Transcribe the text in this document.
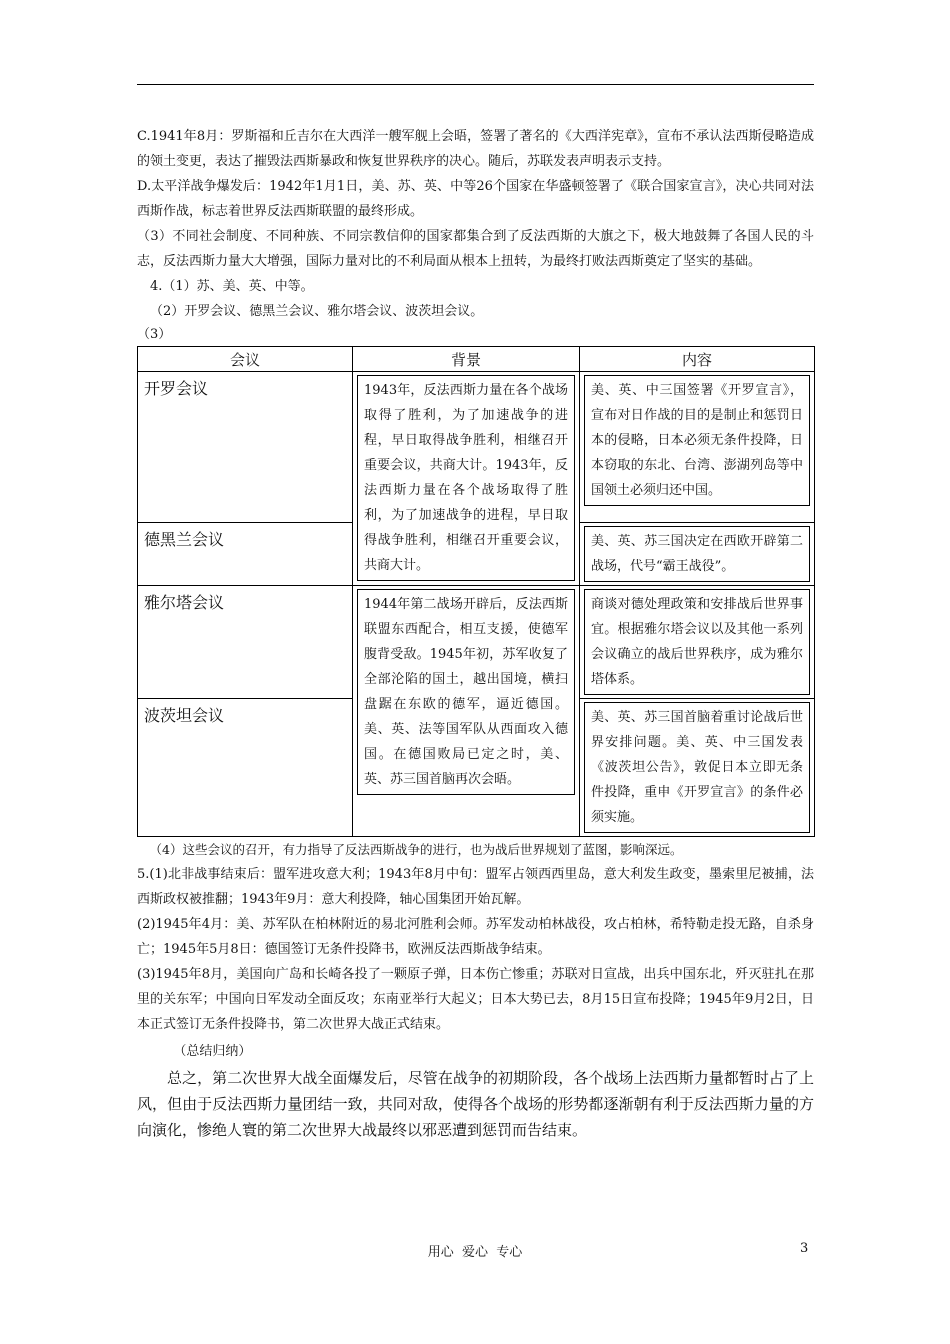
C.1941年8月：罗斯福和丘吉尔在大西洋一艘军舰上会晤，签署了著名的《大西洋宪章》，宣布不承认法西斯侵略造成的领土变更，表达了摧毁法西斯暴政和恢复世界秩序的决心。随后，苏联发表声明表示支持。

D.太平洋战争爆发后：1942年1月1日，美、苏、英、中等26个国家在华盛顿签署了《联合国家宣言》，决心共同对法西斯作战，标志着世界反法西斯联盟的最终形成。

（3）不同社会制度、不同种族、不同宗教信仰的国家都集合到了反法西斯的大旗之下，极大地鼓舞了各国人民的斗志，反法西斯力量大大增强，国际力量对比的不利局面从根本上扭转，为最终打败法西斯奠定了坚实的基础。

4.（1）苏、美、英、中等。

（2）开罗会议、德黑兰会议、雅尔塔会议、波茨坦会议。

（3）

会议	背景	内容
开罗会议	1943年，反法西斯力量在各个战场取得了胜利，为了加速战争的进程，早日取得战争胜利，相继召开重要会议，共商大计。1943年，反法西斯力量在各个战场取得了胜利，为了加速战争的进程，早日取得战争胜利，相继召开重要会议，共商大计。	美、英、中三国签署《开罗宣言》，宣布对日作战的目的是制止和惩罚日本的侵略，日本必须无条件投降，日本窃取的东北、台湾、澎湖列岛等中国领土必须归还中国。

德黑兰会议		美、英、苏三国决定在西欧开辟第二战场，代号“霸王战役”。

雅尔塔会议	1944年第二战场开辟后，反法西斯联盟东西配合，相互支援，使德军腹背受敌。1945年初，苏军收复了全部沦陷的国土，越出国境，横扫盘踞在东欧的德军，逼近德国。美、英、法等国军队从西面攻入德国。在德国败局已定之时，美、英、苏三国首脑再次会晤。	商谈对德处理政策和安排战后世界事宜。根据雅尔塔会议以及其他一系列会议确立的战后世界秩序，成为雅尔塔体系。

波茨坦会议		美、英、苏三国首脑着重讨论战后世界安排问题。美、英、中三国发表《波茨坦公告》，敦促日本立即无条件投降，重申《开罗宣言》的条件必须实施。

（4）这些会议的召开，有力指导了反法西斯战争的进行，也为战后世界规划了蓝图，影响深远。

5.(1)北非战事结束后：盟军进攻意大利；1943年8月中旬：盟军占领西西里岛，意大利发生政变，墨索里尼被捕，法西斯政权被推翻；1943年9月：意大利投降，轴心国集团开始瓦解。

(2)1945年4月：美、苏军队在柏林附近的易北河胜利会师。苏军发动柏林战役，攻占柏林，希特勒走投无路，自杀身亡；1945年5月8日：德国签订无条件投降书，欧洲反法西斯战争结束。

(3)1945年8月，美国向广岛和长崎各投了一颗原子弹，日本伤亡惨重；苏联对日宣战，出兵中国东北，歼灭驻扎在那里的关东军；中国向日军发动全面反攻；东南亚举行大起义；日本大势已去，8月15日宣布投降；1945年9月2日，日本正式签订无条件投降书，第二次世界大战正式结束。

（总结归纳）

总之，第二次世界大战全面爆发后，尽管在战争的初期阶段，各个战场上法西斯力量都暂时占了上风，但由于反法西斯力量团结一致，共同对敌，使得各个战场的形势都逐渐朝有利于反法西斯力量的方向演化，惨绝人寰的第二次世界大战最终以邪恶遭到惩罚而告结束。

用心  爱心  专心	3
